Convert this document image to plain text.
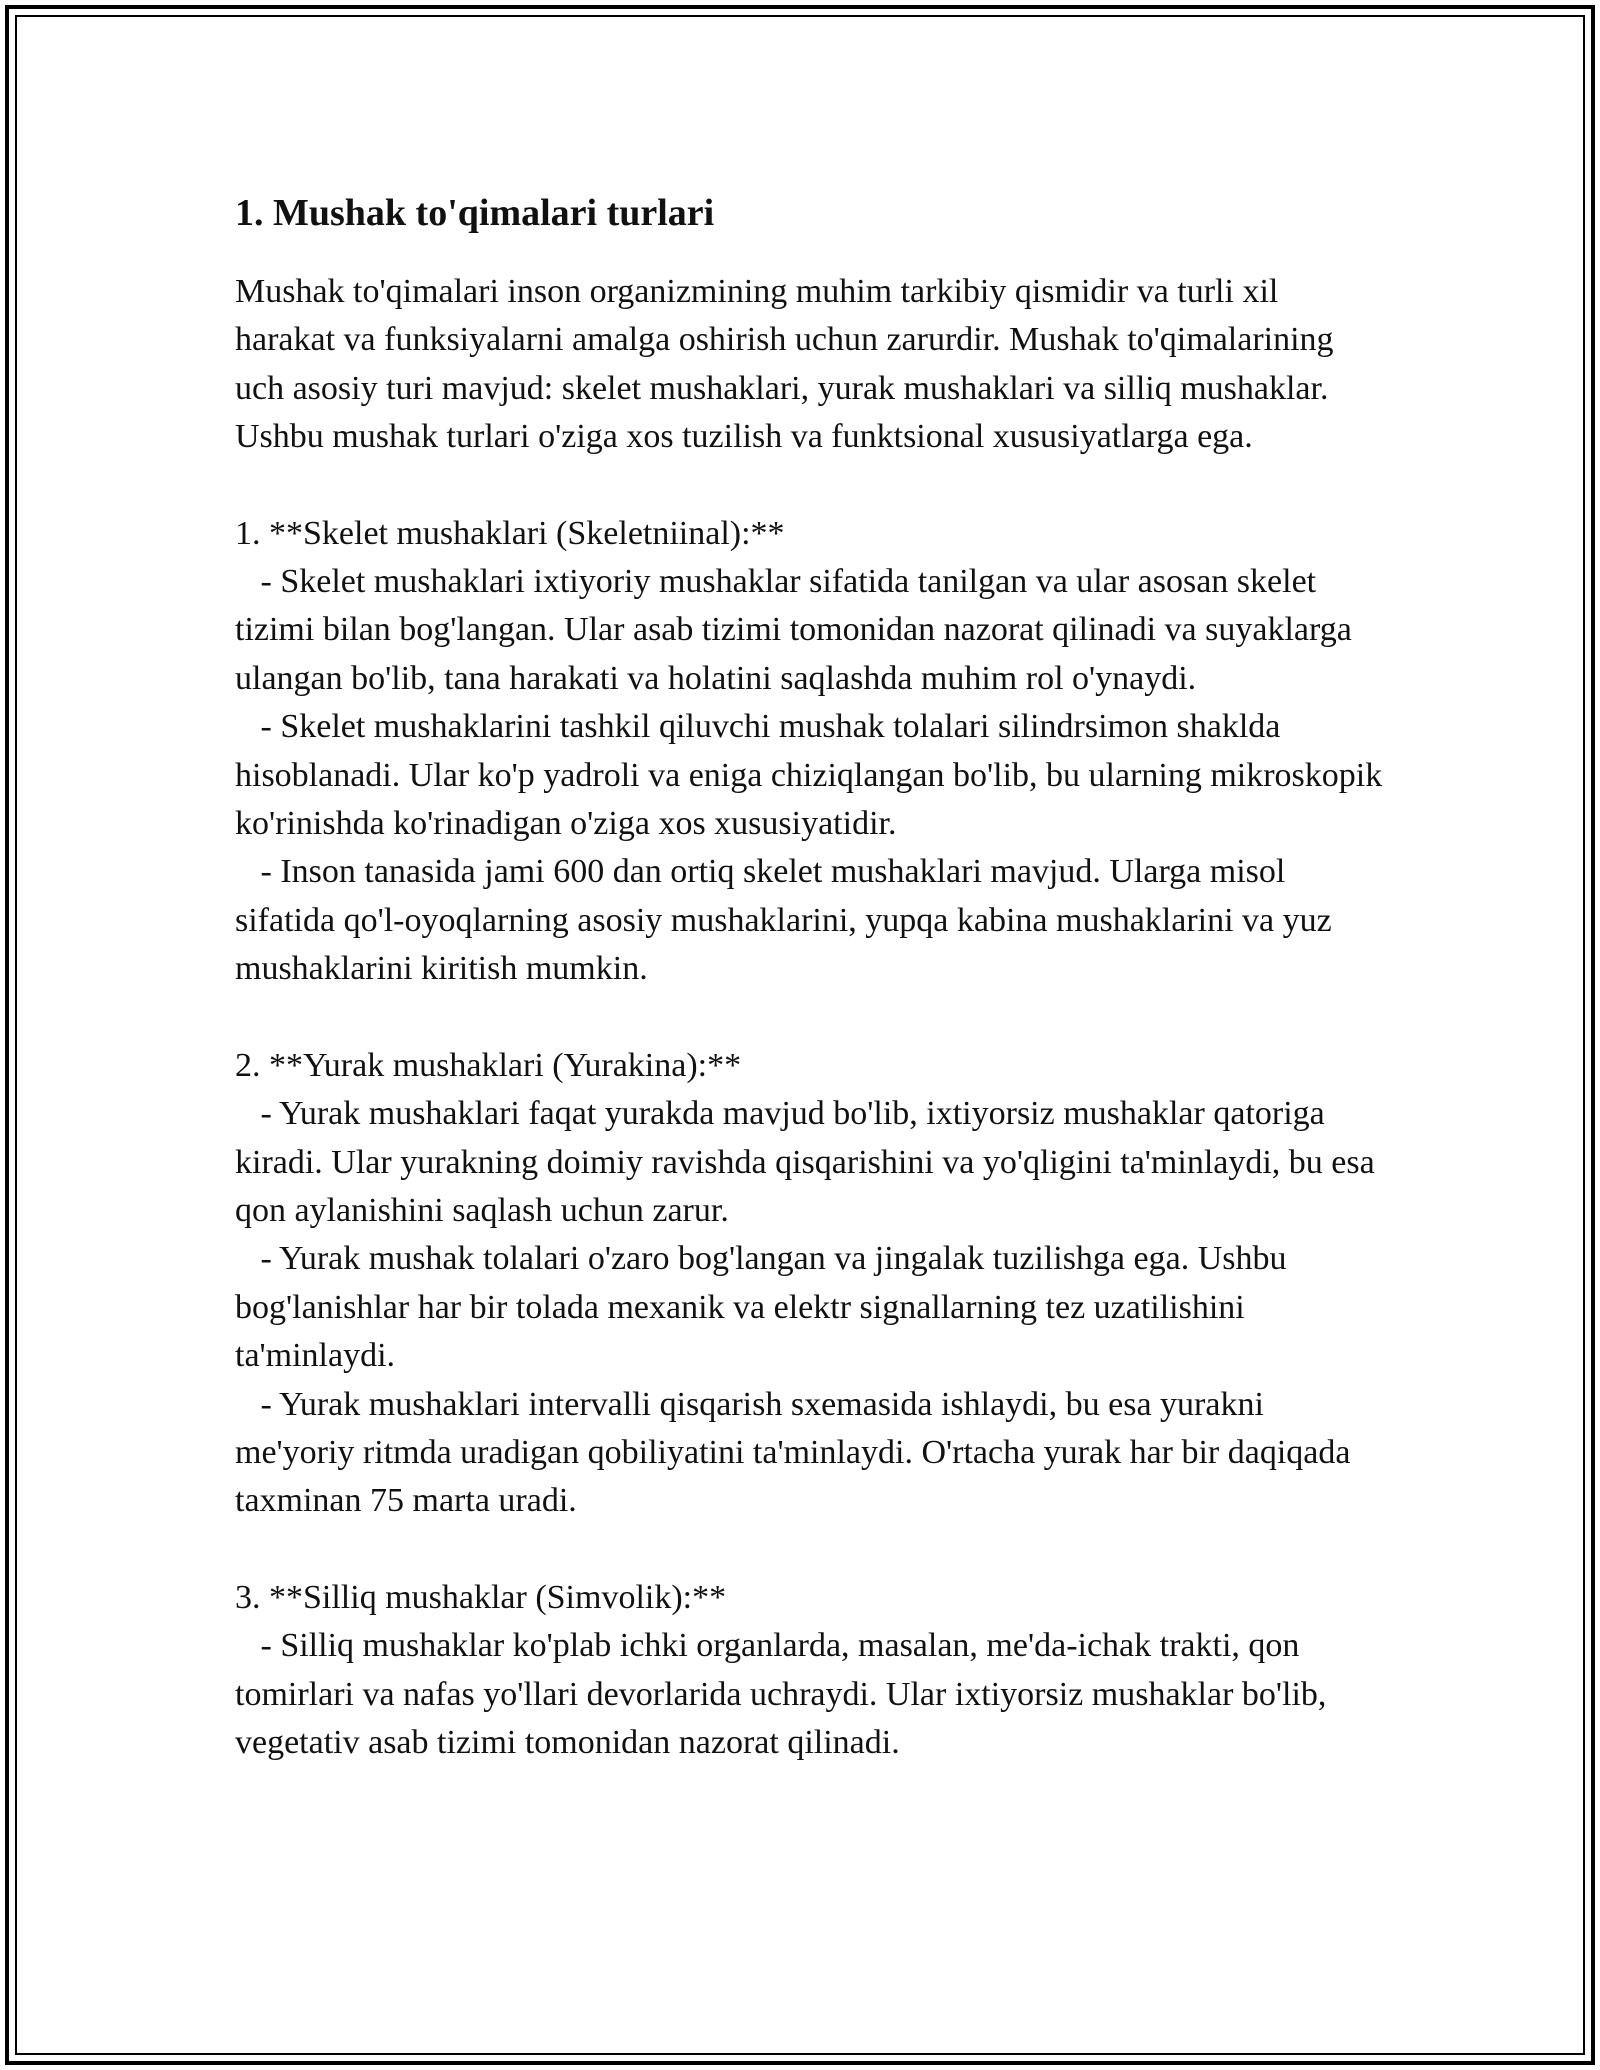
1. Mushak to'qimalari turlari

Mushak to'qimalari inson organizmining muhim tarkibiy qismidir va turli xil harakat va funksiyalarni amalga oshirish uchun zarurdir. Mushak to'qimalarining uch asosiy turi mavjud: skelet mushaklari, yurak mushaklari va silliq mushaklar. Ushbu mushak turlari o'ziga xos tuzilish va funktsional xususiyatlarga ega.

1. **Skelet mushaklari (Skeletniinal):**

- Skelet mushaklari ixtiyoriy mushaklar sifatida tanilgan va ular asosan skelet tizimi bilan bog'langan. Ular asab tizimi tomonidan nazorat qilinadi va suyaklarga ulangan bo'lib, tana harakati va holatini saqlashda muhim rol o'ynaydi.

- Skelet mushaklarini tashkil qiluvchi mushak tolalari silindrsimon shaklda hisoblanadi. Ular ko'p yadroli va eniga chiziqlangan bo'lib, bu ularning mikroskopik ko'rinishda ko'rinadigan o'ziga xos xususiyatidir.

- Inson tanasida jami 600 dan ortiq skelet mushaklari mavjud. Ularga misol sifatida qo'l-oyoqlarning asosiy mushaklarini, yupqa kabina mushaklarini va yuz mushaklarini kiritish mumkin.

2. **Yurak mushaklari (Yurakina):**

- Yurak mushaklari faqat yurakda mavjud bo'lib, ixtiyorsiz mushaklar qatoriga kiradi. Ular yurakning doimiy ravishda qisqarishini va yo'qligini ta'minlaydi, bu esa qon aylanishini saqlash uchun zarur.

- Yurak mushak tolalari o'zaro bog'langan va jingalak tuzilishga ega. Ushbu bog'lanishlar har bir tolada mexanik va elektr signallarning tez uzatilishini ta'minlaydi.

- Yurak mushaklari intervalli qisqarish sxemasida ishlaydi, bu esa yurakni me'yoriy ritmda uradigan qobiliyatini ta'minlaydi. O'rtacha yurak har bir daqiqada taxminan 75 marta uradi.

3. **Silliq mushaklar (Simvolik):**

- Silliq mushaklar ko'plab ichki organlarda, masalan, me'da-ichak trakti, qon tomirlari va nafas yo'llari devorlarida uchraydi. Ular ixtiyorsiz mushaklar bo'lib, vegetativ asab tizimi tomonidan nazorat qilinadi.
